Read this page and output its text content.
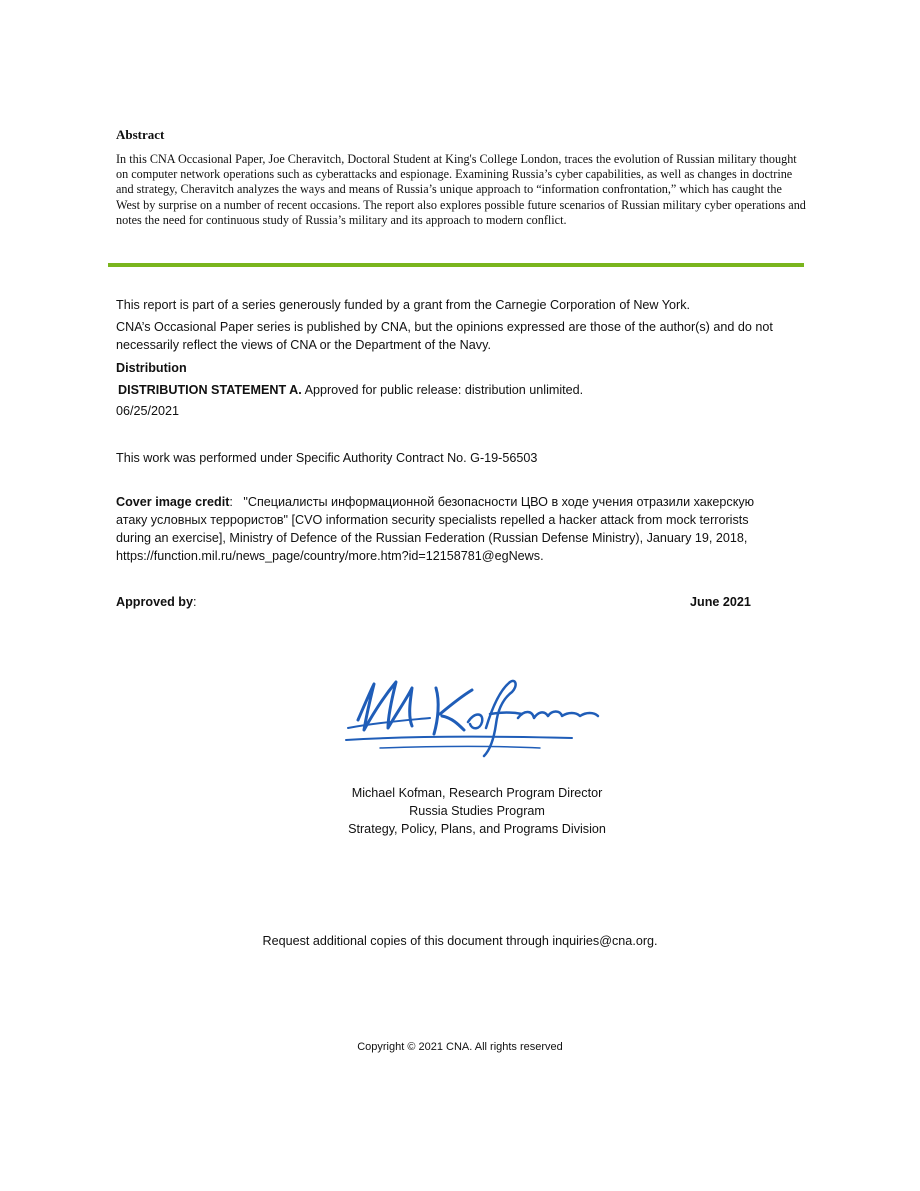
Abstract
In this CNA Occasional Paper, Joe Cheravitch, Doctoral Student at King's College London, traces the evolution of Russian military thought on computer network operations such as cyberattacks and espionage. Examining Russia’s cyber capabilities, as well as changes in doctrine and strategy, Cheravitch analyzes the ways and means of Russia’s unique approach to “information confrontation,” which has caught the West by surprise on a number of recent occasions. The report also explores possible future scenarios of Russian military cyber operations and notes the need for continuous study of Russia’s military and its approach to modern conflict.
This report is part of a series generously funded by a grant from the Carnegie Corporation of New York.
CNA’s Occasional Paper series is published by CNA, but the opinions expressed are those of the author(s) and do not necessarily reflect the views of CNA or the Department of the Navy.
Distribution
DISTRIBUTION STATEMENT A. Approved for public release: distribution unlimited.
06/25/2021
This work was performed under Specific Authority Contract No. G-19-56503
Cover image credit:   "Специалисты информационной безопасности ЦВО в ходе учения отразили хакерскую атаку условных террористов" [CVO information security specialists repelled a hacker attack from mock terrorists during an exercise], Ministry of Defence of the Russian Federation (Russian Defense Ministry), January 19, 2018, https://function.mil.ru/news_page/country/more.htm?id=12158781@egNews.
Approved by:	June 2021
Michael Kofman, Research Program Director
Russia Studies Program
Strategy, Policy, Plans, and Programs Division
Request additional copies of this document through inquiries@cna.org.
Copyright © 2021 CNA. All rights reserved
